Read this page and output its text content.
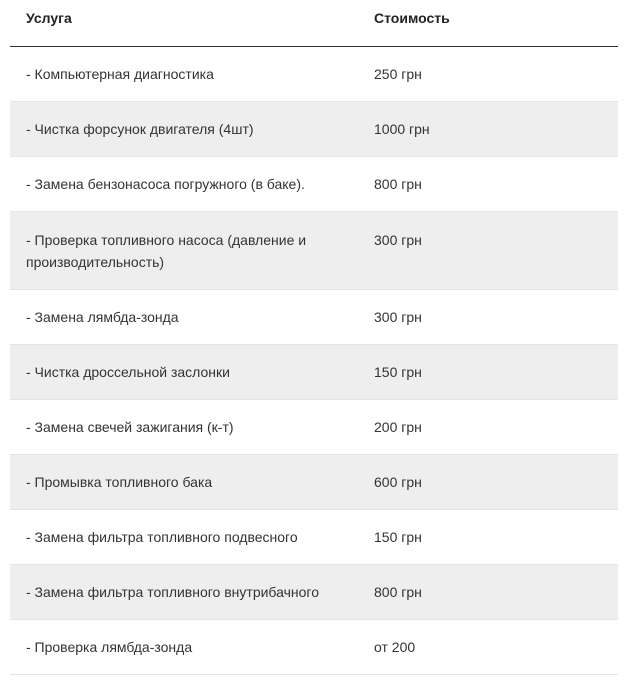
Услуга	Стоимость
- Компьютерная диагностика	250 грн
- Чистка форсунок двигателя (4шт)	1000 грн
- Замена бензонасоса погружного (в баке).	800 грн
- Проверка топливного насоса (давление и производительность)	300 грн
- Замена лямбда-зонда	300 грн
- Чистка дроссельной заслонки	150 грн
- Замена свечей зажигания (к-т)	200 грн
- Промывка топливного бака	600 грн
- Замена фильтра топливного подвесного	150 грн
- Замена фильтра топливного внутрибачного	800 грн
- Проверка лямбда-зонда	от 200
